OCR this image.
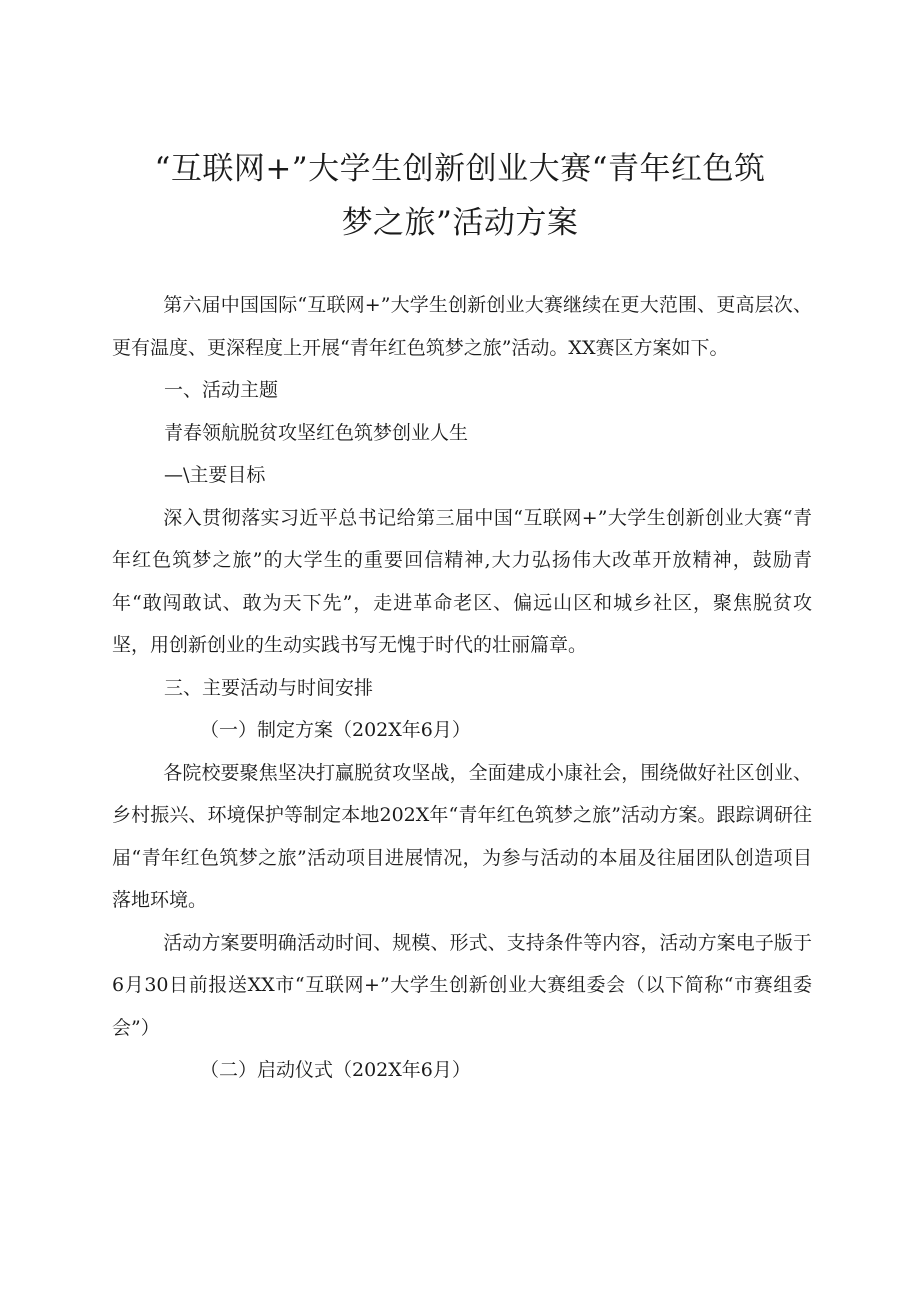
“互联网+”大学生创新创业大赛“青年红色筑
梦之旅”活动方案

第六届中国国际“互联网+”大学生创新创业大赛继续在更大范围、更高层次、更有温度、更深程度上开展“青年红色筑梦之旅”活动。XX赛区方案如下。

一、活动主题

青春领航脱贫攻坚红色筑梦创业人生

—\主要目标

深入贯彻落实习近平总书记给第三届中国“互联网+”大学生创新创业大赛“青年红色筑梦之旅”的大学生的重要回信精神,大力弘扬伟大改革开放精神，鼓励青年“敢闯敢试、敢为天下先”，走进革命老区、偏远山区和城乡社区，聚焦脱贫攻坚，用创新创业的生动实践书写无愧于时代的壮丽篇章。

三、主要活动与时间安排

（一）制定方案（202X年6月）

各院校要聚焦坚决打赢脱贫攻坚战，全面建成小康社会，围绕做好社区创业、乡村振兴、环境保护等制定本地202X年“青年红色筑梦之旅”活动方案。跟踪调研往届“青年红色筑梦之旅”活动项目进展情况，为参与活动的本届及往届团队创造项目落地环境。

活动方案要明确活动时间、规模、形式、支持条件等内容，活动方案电子版于6月30日前报送XX市“互联网+”大学生创新创业大赛组委会（以下简称“市赛组委会”）

（二）启动仪式（202X年6月）
